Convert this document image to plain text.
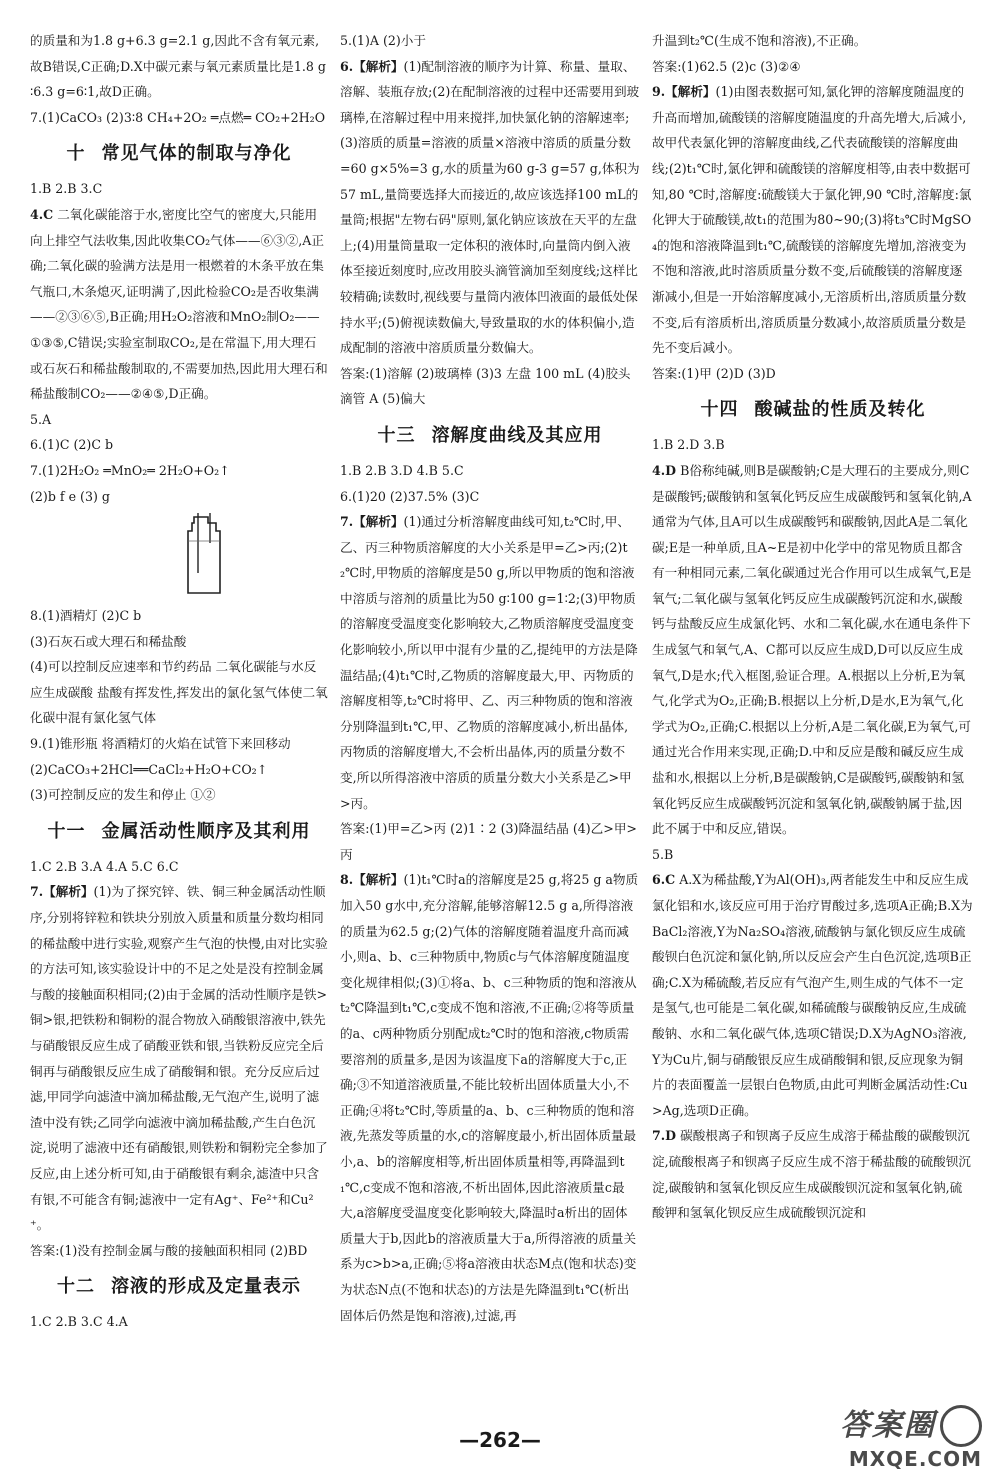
的质量和为1.8 g+6.3 g=2.1 g,因此不含有氧元素,故B错误,C正确;D.X中碳元素与氧元素质量比是1.8 g∶6.3 g=6∶1,故D正确。

7.(1)CaCO₃ (2)3∶8 CH₄+2O₂ ═点燃═ CO₂+2H₂O

十 常见气体的制取与净化

1.B 2.B 3.C

4.C 二氧化碳能溶于水,密度比空气的密度大,只能用向上排空气法收集,因此收集CO₂气体——⑥③②,A正确;二氧化碳的验满方法是用一根燃着的木条平放在集气瓶口,木条熄灭,证明满了,因此检验CO₂是否收集满——②③⑥⑤,B正确;用H₂O₂溶液和MnO₂制O₂——①③⑤,C错误;实验室制取CO₂,是在常温下,用大理石或石灰石和稀盐酸制取的,不需要加热,因此用大理石和稀盐酸制CO₂——②④⑤,D正确。

5.A

6.(1)C (2)C b

7.(1)2H₂O₂ ═MnO₂═ 2H₂O+O₂↑

(2)b f e (3) g

8.(1)酒精灯 (2)C b

(3)石灰石或大理石和稀盐酸

(4)可以控制反应速率和节约药品 二氧化碳能与水反应生成碳酸 盐酸有挥发性,挥发出的氯化氢气体使二氧化碳中混有氯化氢气体

9.(1)锥形瓶 将酒精灯的火焰在试管下来回移动

(2)CaCO₃+2HCl══CaCl₂+H₂O+CO₂↑

(3)可控制反应的发生和停止 ①②

十一 金属活动性顺序及其利用

1.C 2.B 3.A 4.A 5.C 6.C

7.【解析】(1)为了探究锌、铁、铜三种金属活动性顺序,分别将锌粒和铁块分别放入质量和质量分数均相同的稀盐酸中进行实验,观察产生气泡的快慢,由对比实验的方法可知,该实验设计中的不足之处是没有控制金属与酸的接触面积相同;(2)由于金属的活动性顺序是铁>铜>银,把铁粉和铜粉的混合物放入硝酸银溶液中,铁先与硝酸银反应生成了硝酸亚铁和银,当铁粉反应完全后铜再与硝酸银反应生成了硝酸铜和银。充分反应后过滤,甲同学向滤渣中滴加稀盐酸,无气泡产生,说明了滤渣中没有铁;乙同学向滤液中滴加稀盐酸,产生白色沉淀,说明了滤液中还有硝酸银,则铁粉和铜粉完全参加了反应,由上述分析可知,由于硝酸银有剩余,滤渣中只含有银,不可能含有铜;滤液中一定有Ag⁺、Fe²⁺和Cu²⁺。

答案:(1)没有控制金属与酸的接触面积相同 (2)BD

十二 溶液的形成及定量表示

1.C 2.B 3.C 4.A

5.(1)A (2)小于

6.【解析】(1)配制溶液的顺序为计算、称量、量取、溶解、装瓶存放;(2)在配制溶液的过程中还需要用到玻璃棒,在溶解过程中用来搅拌,加快氯化钠的溶解速率;(3)溶质的质量=溶液的质量×溶液中溶质的质量分数=60 g×5%=3 g,水的质量为60 g-3 g=57 g,体积为57 mL,量筒要选择大而接近的,故应该选择100 mL的量筒;根据"左物右码"原则,氯化钠应该放在天平的左盘上;(4)用量筒量取一定体积的液体时,向量筒内倒入液体至接近刻度时,应改用胶头滴管滴加至刻度线;这样比较精确;读数时,视线要与量筒内液体凹液面的最低处保持水平;(5)俯视读数偏大,导致量取的水的体积偏小,造成配制的溶液中溶质质量分数偏大。

答案:(1)溶解 (2)玻璃棒 (3)3 左盘 100 mL (4)胶头滴管 A (5)偏大

十三 溶解度曲线及其应用

1.B 2.B 3.D 4.B 5.C

6.(1)20 (2)37.5% (3)C

7.【解析】(1)通过分析溶解度曲线可知,t₂℃时,甲、乙、丙三种物质溶解度的大小关系是甲=乙>丙;(2)t₂℃时,甲物质的溶解度是50 g,所以甲物质的饱和溶液中溶质与溶剂的质量比为50 g∶100 g=1∶2;(3)甲物质的溶解度受温度变化影响较大,乙物质溶解度受温度变化影响较小,所以甲中混有少量的乙,提纯甲的方法是降温结晶;(4)t₁℃时,乙物质的溶解度最大,甲、丙物质的溶解度相等,t₂℃时将甲、乙、丙三种物质的饱和溶液分别降温到t₁℃,甲、乙物质的溶解度减小,析出晶体,丙物质的溶解度增大,不会析出晶体,丙的质量分数不变,所以所得溶液中溶质的质量分数大小关系是乙>甲>丙。

答案:(1)甲=乙>丙 (2)1∶2 (3)降温结晶 (4)乙>甲>丙

8.【解析】(1)t₁℃时a的溶解度是25 g,将25 g a物质加入50 g水中,充分溶解,能够溶解12.5 g a,所得溶液的质量为62.5 g;(2)气体的溶解度随着温度升高而减小,则a、b、c三种物质中,物质c与气体溶解度随温度变化规律相似;(3)①将a、b、c三种物质的饱和溶液从t₂℃降温到t₁℃,c变成不饱和溶液,不正确;②将等质量的a、c两种物质分别配成t₂℃时的饱和溶液,c物质需要溶剂的质量多,是因为该温度下a的溶解度大于c,正确;③不知道溶液质量,不能比较析出固体质量大小,不正确;④将t₂℃时,等质量的a、b、c三种物质的饱和溶液,先蒸发等质量的水,c的溶解度最小,析出固体质量最小,a、b的溶解度相等,析出固体质量相等,再降温到t₁℃,c变成不饱和溶液,不析出固体,因此溶液质量c最大,a溶解度受温度变化影响较大,降温时a析出的固体质量大于b,因此b的溶液质量大于a,所得溶液的质量关系为c>b>a,正确;⑤将a溶液由状态M点(饱和状态)变为状态N点(不饱和状态)的方法是先降温到t₁℃(析出固体后仍然是饱和溶液),过滤,再

升温到t₂℃(生成不饱和溶液),不正确。

答案:(1)62.5 (2)c (3)②④

9.【解析】(1)由图表数据可知,氯化钾的溶解度随温度的升高而增加,硫酸镁的溶解度随温度的升高先增大,后减小,故甲代表氯化钾的溶解度曲线,乙代表硫酸镁的溶解度曲线;(2)t₁℃时,氯化钾和硫酸镁的溶解度相等,由表中数据可知,80 ℃时,溶解度:硫酸镁大于氯化钾,90 ℃时,溶解度:氯化钾大于硫酸镁,故t₁的范围为80~90;(3)将t₃℃时MgSO₄的饱和溶液降温到t₁℃,硫酸镁的溶解度先增加,溶液变为不饱和溶液,此时溶质质量分数不变,后硫酸镁的溶解度逐渐减小,但是一开始溶解度减小,无溶质析出,溶质质量分数不变,后有溶质析出,溶质质量分数减小,故溶质质量分数是先不变后减小。

答案:(1)甲 (2)D (3)D

十四 酸碱盐的性质及转化

1.B 2.D 3.B

4.D B俗称纯碱,则B是碳酸钠;C是大理石的主要成分,则C是碳酸钙;碳酸钠和氢氧化钙反应生成碳酸钙和氢氧化钠,A通常为气体,且A可以生成碳酸钙和碳酸钠,因此A是二氧化碳;E是一种单质,且A~E是初中化学中的常见物质且都含有一种相同元素,二氧化碳通过光合作用可以生成氧气,E是氧气;二氧化碳与氢氧化钙反应生成碳酸钙沉淀和水,碳酸钙与盐酸反应生成氯化钙、水和二氧化碳,水在通电条件下生成氢气和氧气,A、C都可以反应生成D,D可以反应生成氧气,D是水;代入框图,验证合理。A.根据以上分析,E为氧气,化学式为O₂,正确;B.根据以上分析,D是水,E为氧气,化学式为O₂,正确;C.根据以上分析,A是二氧化碳,E为氧气,可通过光合作用来实现,正确;D.中和反应是酸和碱反应生成盐和水,根据以上分析,B是碳酸钠,C是碳酸钙,碳酸钠和氢氧化钙反应生成碳酸钙沉淀和氢氧化钠,碳酸钠属于盐,因此不属于中和反应,错误。

5.B

6.C A.X为稀盐酸,Y为Al(OH)₃,两者能发生中和反应生成氯化铝和水,该反应可用于治疗胃酸过多,选项A正确;B.X为BaCl₂溶液,Y为Na₂SO₄溶液,硫酸钠与氯化钡反应生成硫酸钡白色沉淀和氯化钠,所以反应会产生白色沉淀,选项B正确;C.X为稀硫酸,若反应有气泡产生,则生成的气体不一定是氢气,也可能是二氧化碳,如稀硫酸与碳酸钠反应,生成硫酸钠、水和二氧化碳气体,选项C错误;D.X为AgNO₃溶液,Y为Cu片,铜与硝酸银反应生成硝酸铜和银,反应现象为铜片的表面覆盖一层银白色物质,由此可判断金属活动性:Cu>Ag,选项D正确。

7.D 碳酸根离子和钡离子反应生成溶于稀盐酸的碳酸钡沉淀,硫酸根离子和钡离子反应生成不溶于稀盐酸的硫酸钡沉淀,碳酸钠和氢氧化钡反应生成碳酸钡沉淀和氢氧化钠,硫酸钾和氢氧化钡反应生成硫酸钡沉淀和

—262—	答案圈
MXQE.COM
